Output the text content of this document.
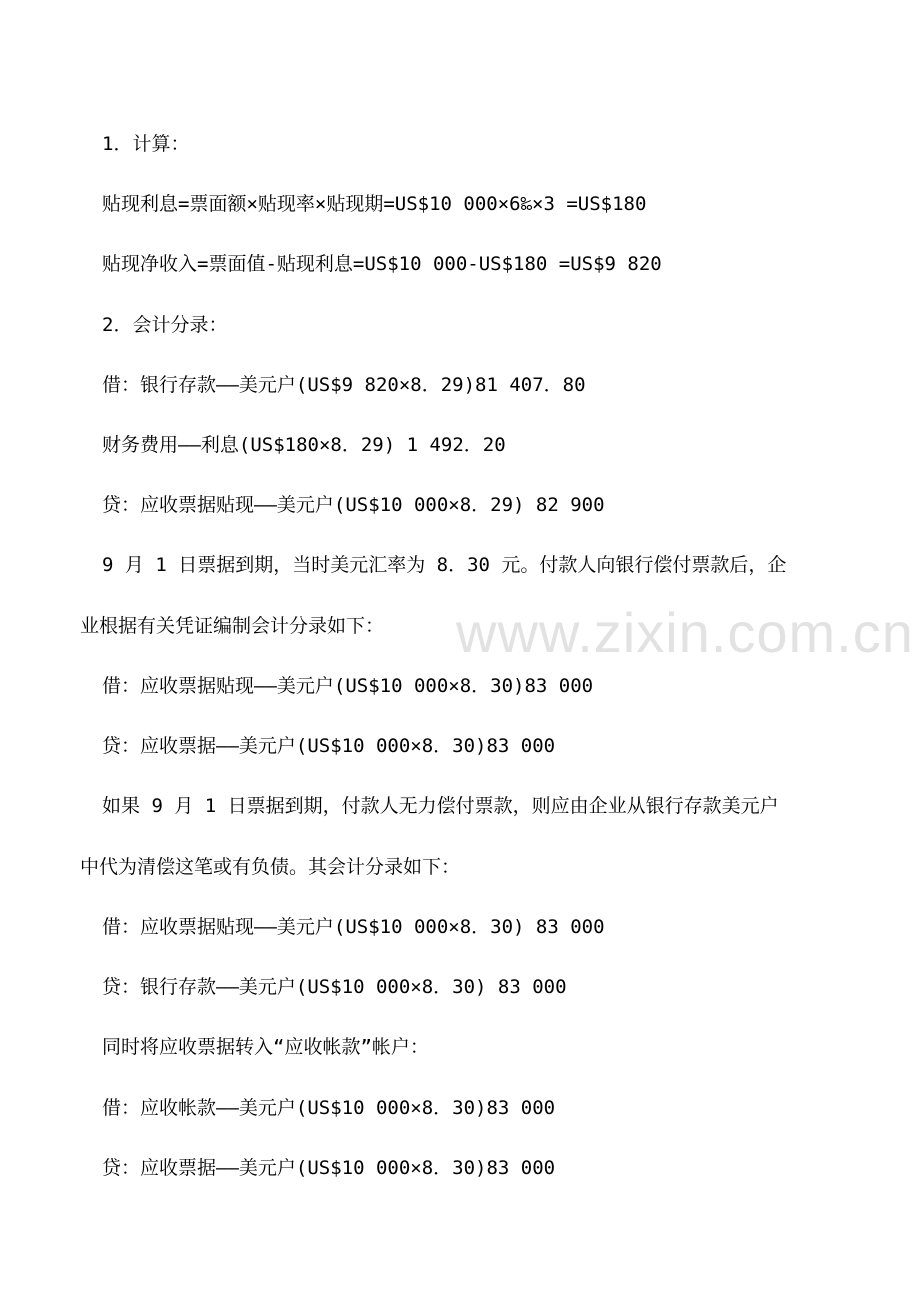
www.zixin.com.cn
1．计算：
贴现利息=票面额×贴现率×贴现期=US$10 000×6‰×3 =US$180
贴现净收入=票面值-贴现利息=US$10 000-US$180 =US$9 820
2．会计分录：
借：银行存款——美元户(US$9 820×8．29)81 407．80
财务费用——利息(US$180×8．29) 1 492．20
贷：应收票据贴现——美元户(US$10 000×8．29) 82 900
9 月 1 日票据到期，当时美元汇率为 8．30 元。付款人向银行偿付票款后，企
业根据有关凭证编制会计分录如下：
借：应收票据贴现——美元户(US$10 000×8．30)83 000
贷：应收票据——美元户(US$10 000×8．30)83 000
如果 9 月 1 日票据到期，付款人无力偿付票款，则应由企业从银行存款美元户
中代为清偿这笔或有负债。其会计分录如下：
借：应收票据贴现——美元户(US$10 000×8．30) 83 000
贷：银行存款——美元户(US$10 000×8．30) 83 000
同时将应收票据转入“应收帐款”帐户：
借：应收帐款——美元户(US$10 000×8．30)83 000
贷：应收票据——美元户(US$10 000×8．30)83 000
